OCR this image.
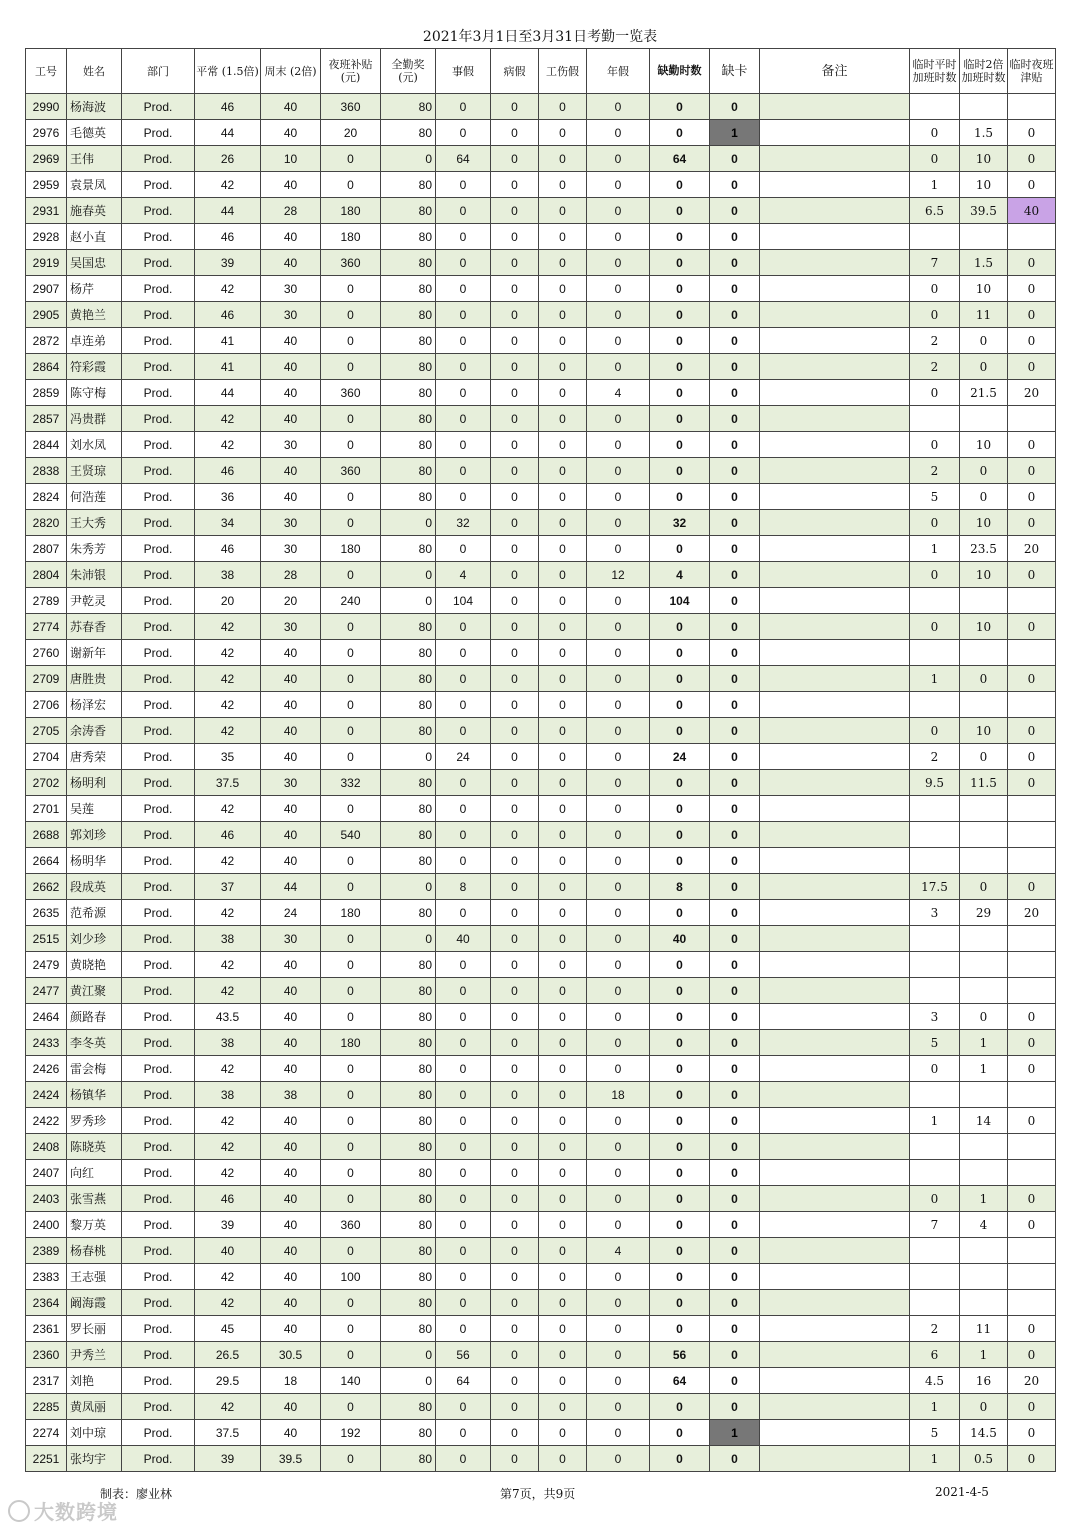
2021年3月1日至3月31日考勤一览表
工号	姓名	部门	平常 (1.5倍)	周末 (2倍)	夜班补贴 (元)	全勤奖 (元)	事假	病假	工伤假	年假	缺勤时数	缺卡	备注	临时平时加班时数	临时2倍加班时数	临时夜班津贴
2990	杨海波	Prod.	46	40	360	80	0	0	0	0	0	0				
2976	毛德英	Prod.	44	40	20	80	0	0	0	0	0	1		0	1.5	0
2969	王伟	Prod.	26	10	0	0	64	0	0	0	64	0		0	10	0
2959	袁景凤	Prod.	42	40	0	80	0	0	0	0	0	0		1	10	0
2931	施春英	Prod.	44	28	180	80	0	0	0	0	0	0		6.5	39.5	40
2928	赵小直	Prod.	46	40	180	80	0	0	0	0	0	0				
2919	吴国忠	Prod.	39	40	360	80	0	0	0	0	0	0		7	1.5	0
2907	杨芹	Prod.	42	30	0	80	0	0	0	0	0	0		0	10	0
2905	黄艳兰	Prod.	46	30	0	80	0	0	0	0	0	0		0	11	0
2872	卓连弟	Prod.	41	40	0	80	0	0	0	0	0	0		2	0	0
2864	符彩霞	Prod.	41	40	0	80	0	0	0	0	0	0		2	0	0
2859	陈守梅	Prod.	44	40	360	80	0	0	0	4	0	0		0	21.5	20
2857	冯贵群	Prod.	42	40	0	80	0	0	0	0	0	0				
2844	刘水凤	Prod.	42	30	0	80	0	0	0	0	0	0		0	10	0
2838	王贤琼	Prod.	46	40	360	80	0	0	0	0	0	0		2	0	0
2824	何浩莲	Prod.	36	40	0	80	0	0	0	0	0	0		5	0	0
2820	王大秀	Prod.	34	30	0	0	32	0	0	0	32	0		0	10	0
2807	朱秀芳	Prod.	46	30	180	80	0	0	0	0	0	0		1	23.5	20
2804	朱沛银	Prod.	38	28	0	0	4	0	0	12	4	0		0	10	0
2789	尹乾灵	Prod.	20	20	240	0	104	0	0	0	104	0				
2774	苏春香	Prod.	42	30	0	80	0	0	0	0	0	0		0	10	0
2760	谢新年	Prod.	42	40	0	80	0	0	0	0	0	0				
2709	唐胜贵	Prod.	42	40	0	80	0	0	0	0	0	0		1	0	0
2706	杨泽宏	Prod.	42	40	0	80	0	0	0	0	0	0				
2705	余涛香	Prod.	42	40	0	80	0	0	0	0	0	0		0	10	0
2704	唐秀荣	Prod.	35	40	0	0	24	0	0	0	24	0		2	0	0
2702	杨明利	Prod.	37.5	30	332	80	0	0	0	0	0	0		9.5	11.5	0
2701	吴莲	Prod.	42	40	0	80	0	0	0	0	0	0				
2688	郭刘珍	Prod.	46	40	540	80	0	0	0	0	0	0				
2664	杨明华	Prod.	42	40	0	80	0	0	0	0	0	0				
2662	段成英	Prod.	37	44	0	0	8	0	0	0	8	0		17.5	0	0
2635	范希源	Prod.	42	24	180	80	0	0	0	0	0	0		3	29	20
2515	刘少珍	Prod.	38	30	0	0	40	0	0	0	40	0				
2479	黄晓艳	Prod.	42	40	0	80	0	0	0	0	0	0				
2477	黄江聚	Prod.	42	40	0	80	0	0	0	0	0	0				
2464	颜路春	Prod.	43.5	40	0	80	0	0	0	0	0	0		3	0	0
2433	李冬英	Prod.	38	40	180	80	0	0	0	0	0	0		5	1	0
2426	雷会梅	Prod.	42	40	0	80	0	0	0	0	0	0		0	1	0
2424	杨镇华	Prod.	38	38	0	80	0	0	0	18	0	0				
2422	罗秀珍	Prod.	42	40	0	80	0	0	0	0	0	0		1	14	0
2408	陈晓英	Prod.	42	40	0	80	0	0	0	0	0	0				
2407	向红	Prod.	42	40	0	80	0	0	0	0	0	0				
2403	张雪燕	Prod.	46	40	0	80	0	0	0	0	0	0		0	1	0
2400	黎万英	Prod.	39	40	360	80	0	0	0	0	0	0		7	4	0
2389	杨春桃	Prod.	40	40	0	80	0	0	0	4	0	0				
2383	王志强	Prod.	42	40	100	80	0	0	0	0	0	0				
2364	阚海霞	Prod.	42	40	0	80	0	0	0	0	0	0				
2361	罗长丽	Prod.	45	40	0	80	0	0	0	0	0	0		2	11	0
2360	尹秀兰	Prod.	26.5	30.5	0	0	56	0	0	0	56	0		6	1	0
2317	刘艳	Prod.	29.5	18	140	0	64	0	0	0	64	0		4.5	16	20
2285	黄凤丽	Prod.	42	40	0	80	0	0	0	0	0	0		1	0	0
2274	刘中琼	Prod.	37.5	40	192	80	0	0	0	0	0	1		5	14.5	0
2251	张均宇	Prod.	39	39.5	0	80	0	0	0	0	0	0		1	0.5	0
制表：廖业林	第7页，共9页	2021-4-5
大数跨境
